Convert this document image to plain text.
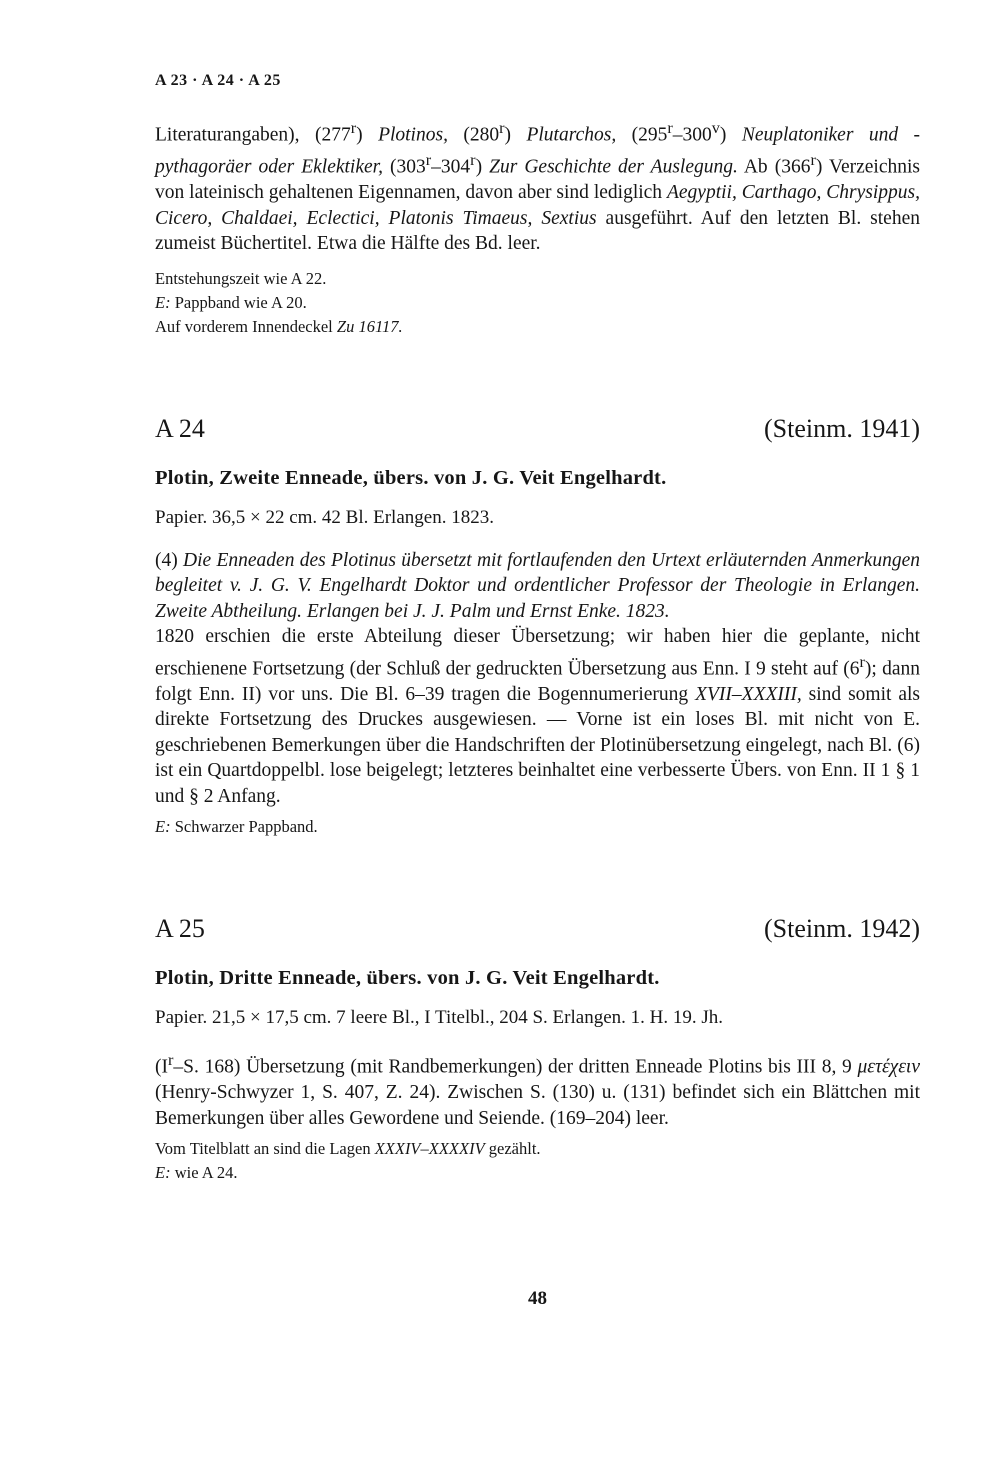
A 23 · A 24 · A 25

Literaturangaben), (277$^r$) Plotinos, (280$^r$) Plutarchos, (295$^r$–300$^v$) Neuplatoniker und -pythagoräer oder Eklektiker, (303$^r$–304$^r$) Zur Geschichte der Auslegung. Ab (366$^r$) Verzeichnis von lateinisch gehaltenen Eigennamen, davon aber sind lediglich Aegyptii, Carthago, Chrysippus, Cicero, Chaldaei, Eclectici, Platonis Timaeus, Sextius ausgeführt. Auf den letzten Bl. stehen zumeist Büchertitel. Etwa die Hälfte des Bd. leer.

Entstehungszeit wie A 22.
E: Pappband wie A 20.
Auf vorderem Innendeckel Zu 16117.
A 24	(Steinm. 1941)
Plotin, Zweite Enneade, übers. von J. G. Veit Engelhardt.
Papier. 36,5 × 22 cm. 42 Bl. Erlangen. 1823.

(4) Die Enneaden des Plotinus übersetzt mit fortlaufenden den Urtext erläuternden Anmerkungen begleitet v. J. G. V. Engelhardt Doktor und ordentlicher Professor der Theologie in Erlangen. Zweite Abtheilung. Erlangen bei J. J. Palm und Ernst Enke. 1823.

1820 erschien die erste Abteilung dieser Übersetzung; wir haben hier die geplante, nicht erschienene Fortsetzung (der Schluß der gedruckten Übersetzung aus Enn. I 9 steht auf (6$^r$); dann folgt Enn. II) vor uns. Die Bl. 6–39 tragen die Bogennumerierung XVII–XXXIII, sind somit als direkte Fortsetzung des Druckes ausgewiesen. — Vorne ist ein loses Bl. mit nicht von E. geschriebenen Bemerkungen über die Handschriften der Plotinübersetzung eingelegt, nach Bl. (6) ist ein Quartdoppelbl. lose beigelegt; letzteres beinhaltet eine verbesserte Übers. von Enn. II 1 § 1 und § 2 Anfang.

E: Schwarzer Pappband.
A 25	(Steinm. 1942)
Plotin, Dritte Enneade, übers. von J. G. Veit Engelhardt.
Papier. 21,5 × 17,5 cm. 7 leere Bl., I Titelbl., 204 S. Erlangen. 1. H. 19. Jh.

($I^r-S$. 168) Übersetzung (mit Randbemerkungen) der dritten Enneade Plotins bis III 8, 9 μετέχειν (Henry-Schwyzer 1, S. 407, Z. 24). Zwischen S. (130) u. (131) befindet sich ein Blättchen mit Bemerkungen über alles Gewordene und Seiende. (169–204) leer.

Vom Titelblatt an sind die Lagen XXXIV–XXXXIV gezählt.
E: wie A 24.
48
